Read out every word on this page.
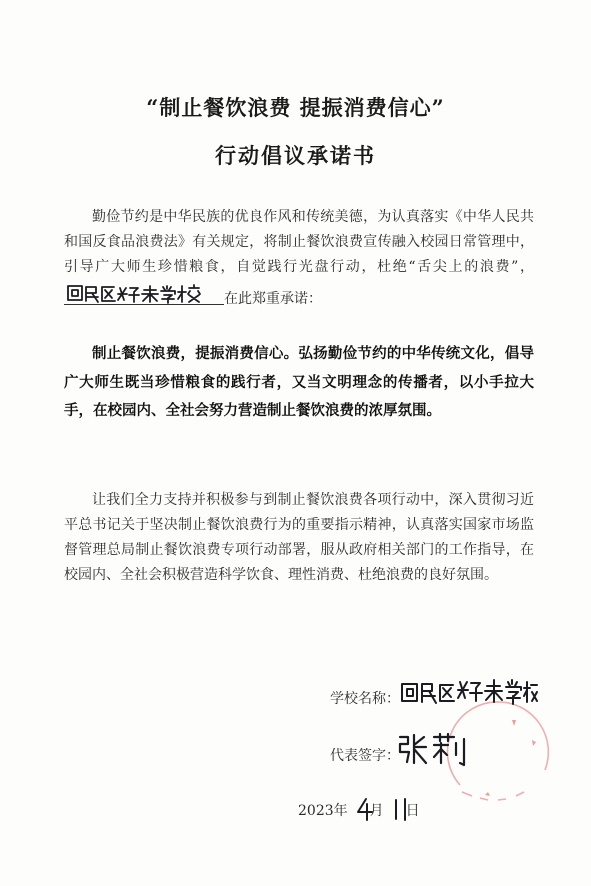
“制止餐饮浪费 提振消费信心”
行动倡议承诺书

勤俭节约是中华民族的优良作风和传统美德，为认真落实《中华人民共和国反食品浪费法》有关规定，将制止餐饮浪费宣传融入校园日常管理中，引导广大师生珍惜粮食，自觉践行光盘行动，杜绝“舌尖上的浪费”，
在此郑重承诺：

制止餐饮浪费，提振消费信心。弘扬勤俭节约的中华传统文化，倡导广大师生既当珍惜粮食的践行者，又当文明理念的传播者，以小手拉大手，在校园内、全社会努力营造制止餐饮浪费的浓厚氛围。

让我们全力支持并积极参与到制止餐饮浪费各项行动中，深入贯彻习近平总书记关于坚决制止餐饮浪费行为的重要指示精神，认真落实国家市场监督管理总局制止餐饮浪费专项行动部署，服从政府相关部门的工作指导，在校园内、全社会积极营造科学饮食、理性消费、杜绝浪费的良好氛围。

学校名称：
代表签字：
2023年 月 日
